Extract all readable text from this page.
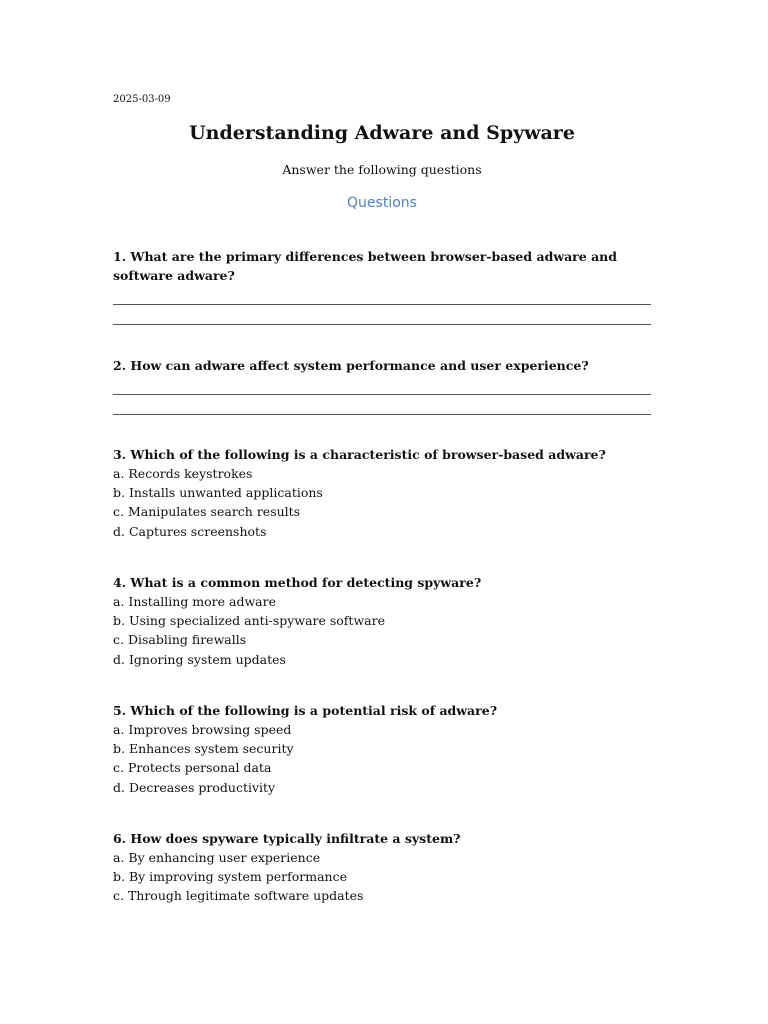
2025-03-09
Understanding Adware and Spyware
Answer the following questions
Questions

1. What are the primary differences between browser-based adware and software adware?

2. How can adware affect system performance and user experience?

3. Which of the following is a characteristic of browser-based adware?

a. Records keystrokes

b. Installs unwanted applications

c. Manipulates search results

d. Captures screenshots

4. What is a common method for detecting spyware?

a. Installing more adware

b. Using specialized anti-spyware software

c. Disabling firewalls

d. Ignoring system updates

5. Which of the following is a potential risk of adware?

a. Improves browsing speed

b. Enhances system security

c. Protects personal data

d. Decreases productivity

6. How does spyware typically infiltrate a system?

a. By enhancing user experience

b. By improving system performance

c. Through legitimate software updates
